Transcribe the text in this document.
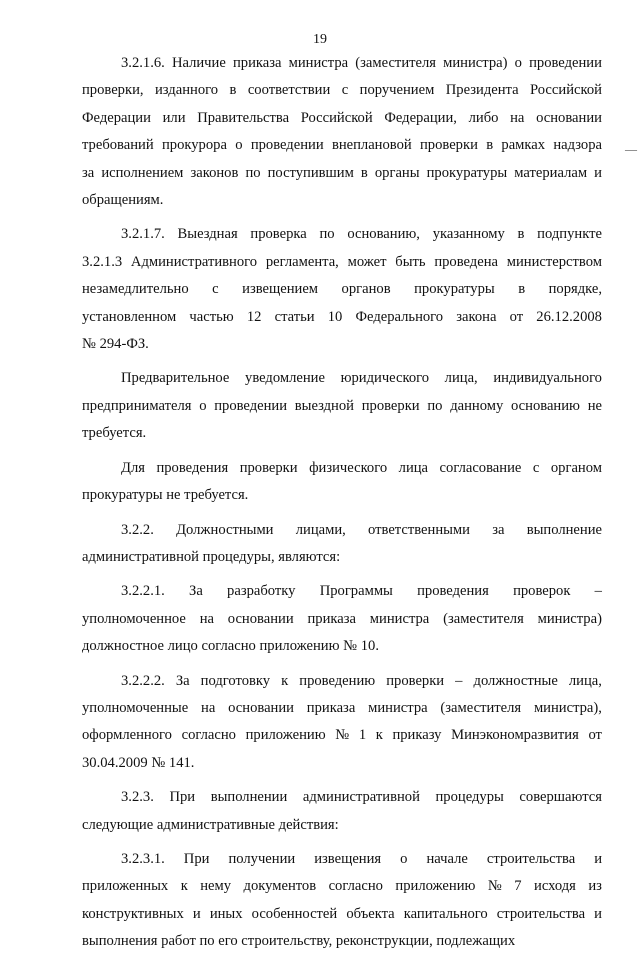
19
—
3.2.1.6. Наличие приказа министра (заместителя министра) о проведении
проверки, изданного в соответствии с поручением Президента Российской
Федерации или Правительства Российской Федерации, либо на основании
требований прокурора о проведении внеплановой проверки в рамках надзора
за исполнением законов по поступившим в органы прокуратуры материалам и
обращениям.
3.2.1.7. Выездная проверка по основанию, указанному в подпункте
3.2.1.3 Административного регламента, может быть проведена министерством
незамедлительно с извещением органов прокуратуры в порядке,
установленном частью 12 статьи 10 Федерального закона от 26.12.2008
№ 294-ФЗ.
Предварительное уведомление юридического лица, индивидуального
предпринимателя о проведении выездной проверки по данному основанию не
требуется.
Для проведения проверки физического лица согласование с органом
прокуратуры не требуется.
3.2.2. Должностными лицами, ответственными за выполнение
административной процедуры, являются:
3.2.2.1. За разработку Программы проведения проверок –
уполномоченное на основании приказа министра (заместителя министра)
должностное лицо согласно приложению № 10.
3.2.2.2. За подготовку к проведению проверки – должностные лица,
уполномоченные на основании приказа министра (заместителя министра),
оформленного согласно приложению № 1 к приказу Минэкономразвития от
30.04.2009 № 141.
3.2.3. При выполнении административной процедуры совершаются
следующие административные действия:
3.2.3.1. При получении извещения о начале строительства и
приложенных к нему документов согласно приложению № 7 исходя из
конструктивных и иных особенностей объекта капитального строительства и
выполнения работ по его строительству, реконструкции, подлежащих
